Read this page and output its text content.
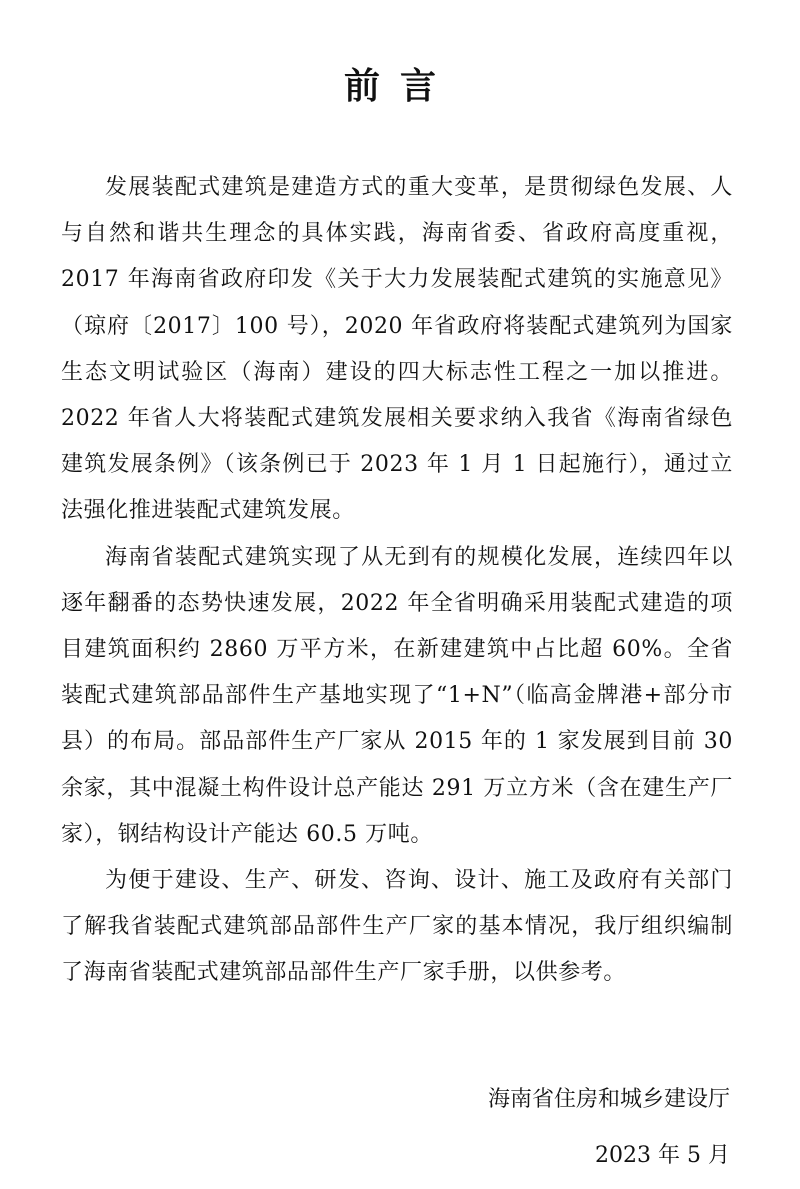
前言

发展装配式建筑是建造方式的重大变革，是贯彻绿色发展、人与自然和谐共生理念的具体实践，海南省委、省政府高度重视，2017 年海南省政府印发《关于大力发展装配式建筑的实施意见》（琼府〔2017〕100 号），2020 年省政府将装配式建筑列为国家生态文明试验区（海南）建设的四大标志性工程之一加以推进。2022 年省人大将装配式建筑发展相关要求纳入我省《海南省绿色建筑发展条例》（该条例已于 2023 年 1 月 1 日起施行），通过立法强化推进装配式建筑发展。

海南省装配式建筑实现了从无到有的规模化发展，连续四年以逐年翻番的态势快速发展，2022 年全省明确采用装配式建造的项目建筑面积约 2860 万平方米，在新建建筑中占比超 60%。全省装配式建筑部品部件生产基地实现了“1+N”（临高金牌港+部分市县）的布局。部品部件生产厂家从 2015 年的 1 家发展到目前 30 余家，其中混凝土构件设计总产能达 291 万立方米（含在建生产厂家），钢结构设计产能达 60.5 万吨。

为便于建设、生产、研发、咨询、设计、施工及政府有关部门了解我省装配式建筑部品部件生产厂家的基本情况，我厅组织编制了海南省装配式建筑部品部件生产厂家手册，以供参考。

海南省住房和城乡建设厅
2023 年 5 月
